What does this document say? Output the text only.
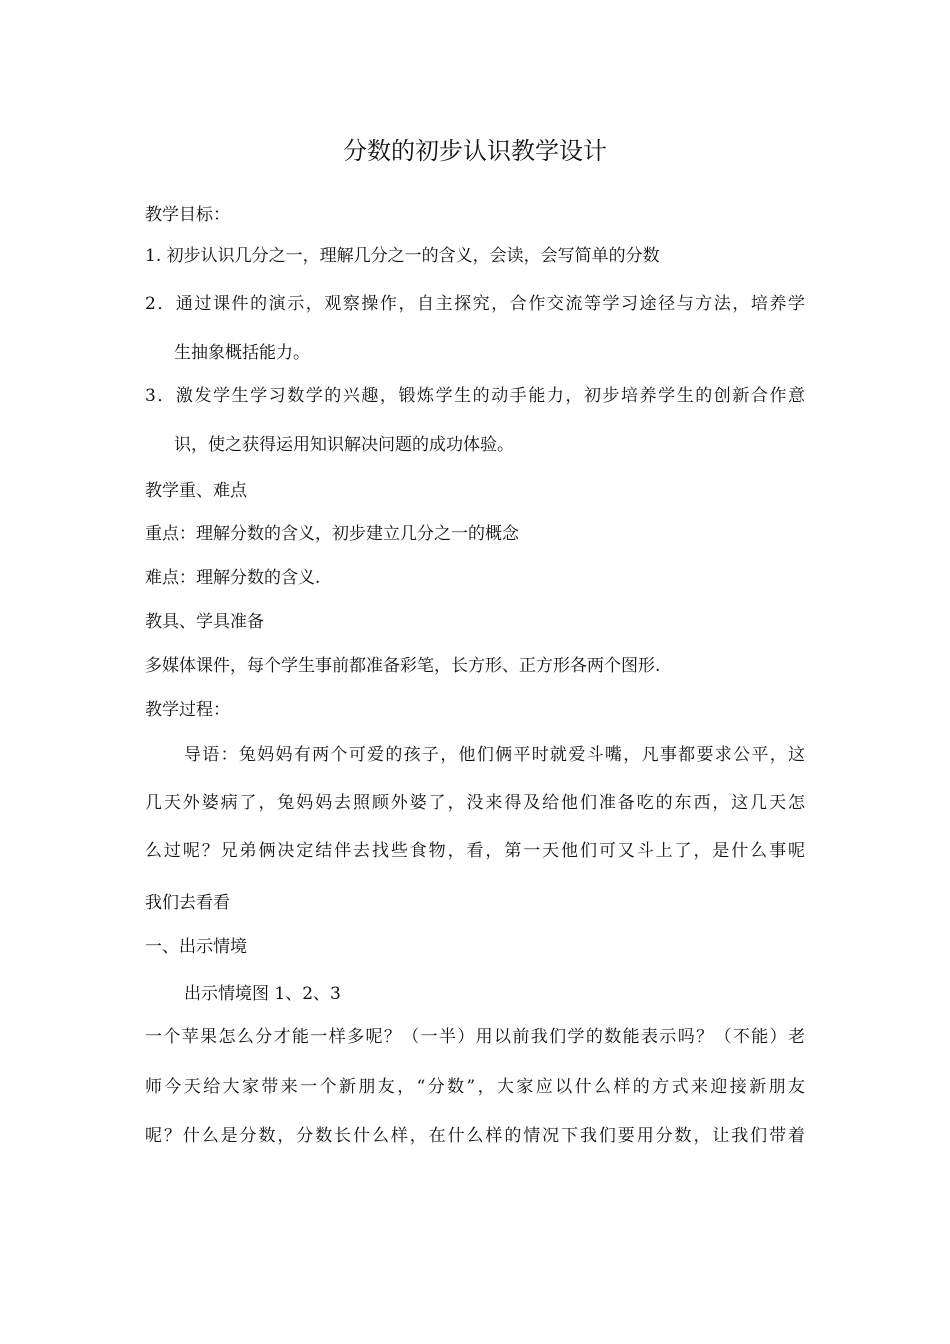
分数的初步认识教学设计

教学目标：

1. 初步认识几分之一，理解几分之一的含义，会读，会写简单的分数

2．通过课件的演示，观察操作，自主探究，合作交流等学习途径与方法，培养学

生抽象概括能力。

3．激发学生学习数学的兴趣，锻炼学生的动手能力，初步培养学生的创新合作意

识，使之获得运用知识解决问题的成功体验。

教学重、难点

重点：理解分数的含义，初步建立几分之一的概念

难点：理解分数的含义.

教具、学具准备

多媒体课件，每个学生事前都准备彩笔，长方形、正方形各两个图形.

教学过程：

导语：兔妈妈有两个可爱的孩子，他们俩平时就爱斗嘴，凡事都要求公平，这

几天外婆病了，兔妈妈去照顾外婆了，没来得及给他们准备吃的东西，这几天怎

么过呢？兄弟俩决定结伴去找些食物，看，第一天他们可又斗上了，是什么事呢

我们去看看

一、出示情境

出示情境图 1、2、3

一个苹果怎么分才能一样多呢？（一半）用以前我们学的数能表示吗？（不能）老

师今天给大家带来一个新朋友，“分数”，大家应以什么样的方式来迎接新朋友

呢？什么是分数，分数长什么样，在什么样的情况下我们要用分数，让我们带着
